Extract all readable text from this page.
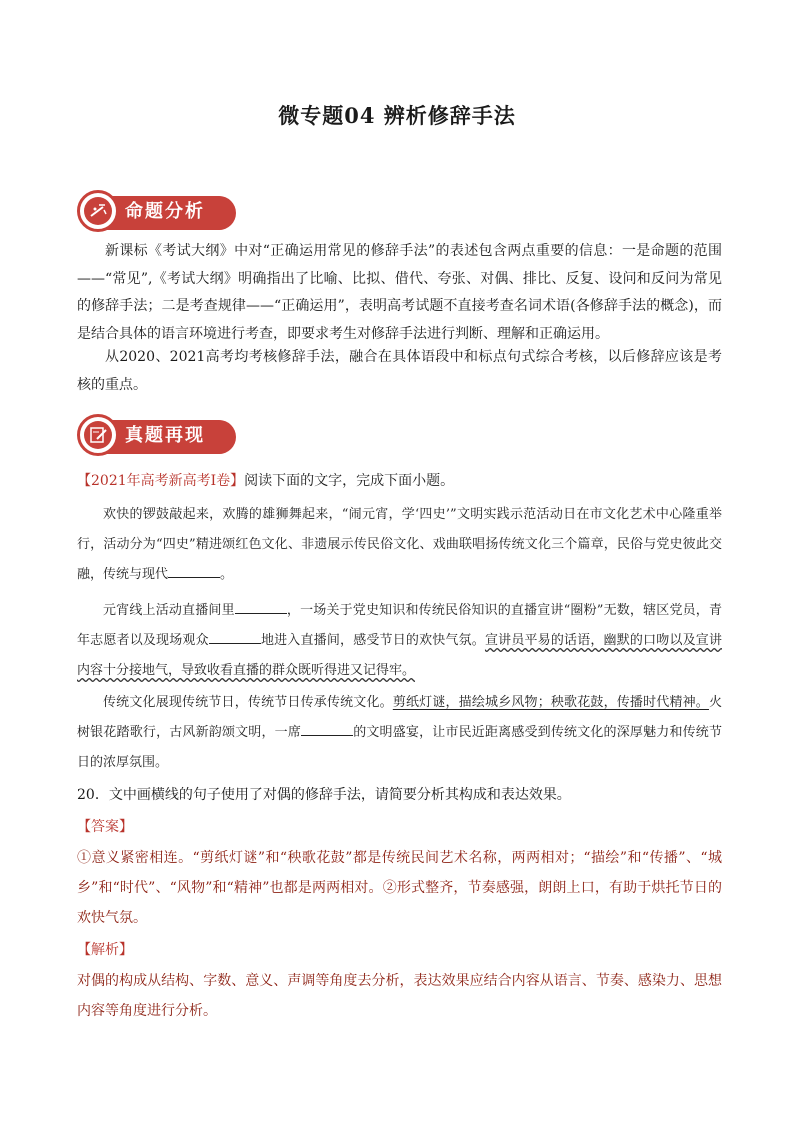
微专题04 辨析修辞手法
命题分析
新课标《考试大纲》中对“正确运用常见的修辞手法”的表述包含两点重要的信息：一是命题的范围——“常见”,《考试大纲》明确指出了比喻、比拟、借代、夸张、对偶、排比、反复、设问和反问为常见的修辞手法；二是考查规律——“正确运用”，表明高考试题不直接考查名词术语(各修辞手法的概念)，而是结合具体的语言环境进行考查，即要求考生对修辞手法进行判断、理解和正确运用。
从2020、2021高考均考核修辞手法，融合在具体语段中和标点句式综合考核，以后修辞应该是考核的重点。
真题再现
【2021年高考新高考Ⅰ卷】阅读下面的文字，完成下面小题。
欢快的锣鼓敲起来，欢腾的雄狮舞起来，“闹元宵，学‘四史’”文明实践示范活动日在市文化艺术中心隆重举行，活动分为“四史”精进颂红色文化、非遗展示传民俗文化、戏曲联唱扬传统文化三个篇章，民俗与党史彼此交融，传统与现代	。
元宵线上活动直播间里	，一场关于党史知识和传统民俗知识的直播宣讲“圈粉”无数，辖区党员，青年志愿者以及现场观众	地进入直播间，感受节日的欢快气氛。宣讲员平易的话语，幽默的口吻以及宣讲内容十分接地气，导致收看直播的群众既听得进又记得牢。
传统文化展现传统节日，传统节日传承传统文化。剪纸灯谜，描绘城乡风物；秧歌花鼓，传播时代精神。火树银花踏歌行，古风新韵颂文明，一席	的文明盛宴，让市民近距离感受到传统文化的深厚魅力和传统节日的浓厚氛围。
20．文中画横线的句子使用了对偶的修辞手法，请简要分析其构成和表达效果。
【答案】
①意义紧密相连。“剪纸灯谜”和“秧歌花鼓”都是传统民间艺术名称，两两相对；“描绘”和“传播”、“城乡”和“时代”、“风物”和“精神”也都是两两相对。②形式整齐，节奏感强，朗朗上口，有助于烘托节日的欢快气氛。
【解析】
对偶的构成从结构、字数、意义、声调等角度去分析，表达效果应结合内容从语言、节奏、感染力、思想内容等角度进行分析。
